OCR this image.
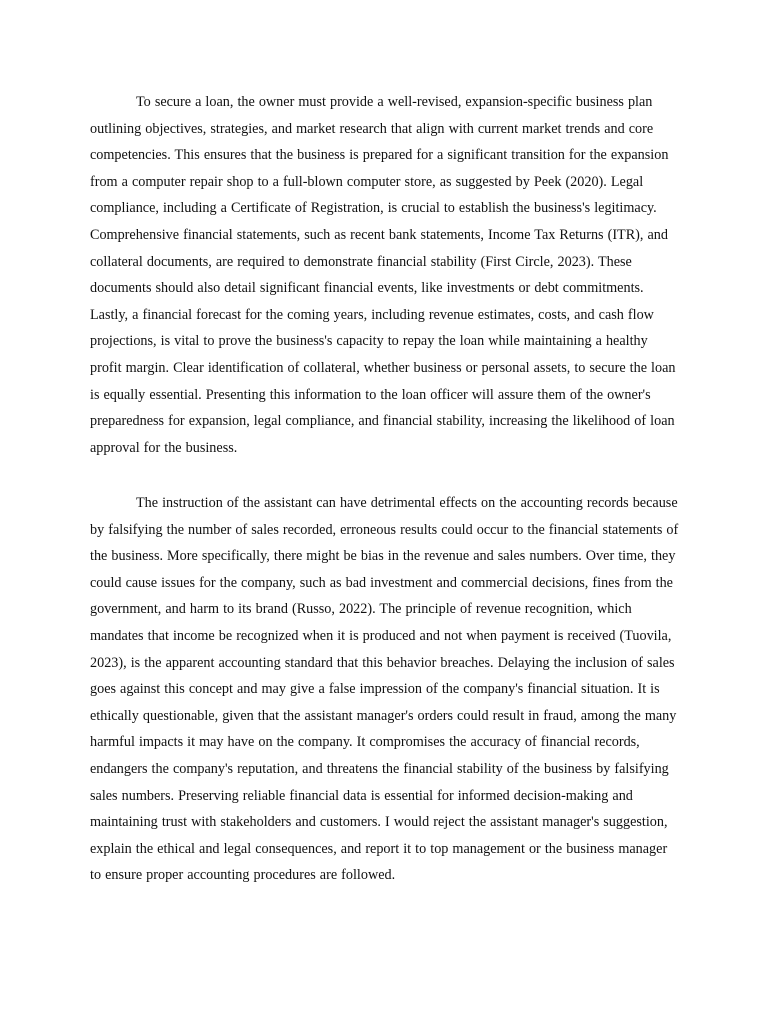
To secure a loan, the owner must provide a well-revised, expansion-specific business plan outlining objectives, strategies, and market research that align with current market trends and core competencies. This ensures that the business is prepared for a significant transition for the expansion from a computer repair shop to a full-blown computer store, as suggested by Peek (2020). Legal compliance, including a Certificate of Registration, is crucial to establish the business's legitimacy. Comprehensive financial statements, such as recent bank statements, Income Tax Returns (ITR), and collateral documents, are required to demonstrate financial stability (First Circle, 2023). These documents should also detail significant financial events, like investments or debt commitments. Lastly, a financial forecast for the coming years, including revenue estimates, costs, and cash flow projections, is vital to prove the business's capacity to repay the loan while maintaining a healthy profit margin. Clear identification of collateral, whether business or personal assets, to secure the loan is equally essential. Presenting this information to the loan officer will assure them of the owner's preparedness for expansion, legal compliance, and financial stability, increasing the likelihood of loan approval for the business.

The instruction of the assistant can have detrimental effects on the accounting records because by falsifying the number of sales recorded, erroneous results could occur to the financial statements of the business. More specifically, there might be bias in the revenue and sales numbers. Over time, they could cause issues for the company, such as bad investment and commercial decisions, fines from the government, and harm to its brand (Russo, 2022). The principle of revenue recognition, which mandates that income be recognized when it is produced and not when payment is received (Tuovila, 2023), is the apparent accounting standard that this behavior breaches. Delaying the inclusion of sales goes against this concept and may give a false impression of the company's financial situation. It is ethically questionable, given that the assistant manager's orders could result in fraud, among the many harmful impacts it may have on the company. It compromises the accuracy of financial records, endangers the company's reputation, and threatens the financial stability of the business by falsifying sales numbers. Preserving reliable financial data is essential for informed decision-making and maintaining trust with stakeholders and customers. I would reject the assistant manager's suggestion, explain the ethical and legal consequences, and report it to top management or the business manager to ensure proper accounting procedures are followed.
